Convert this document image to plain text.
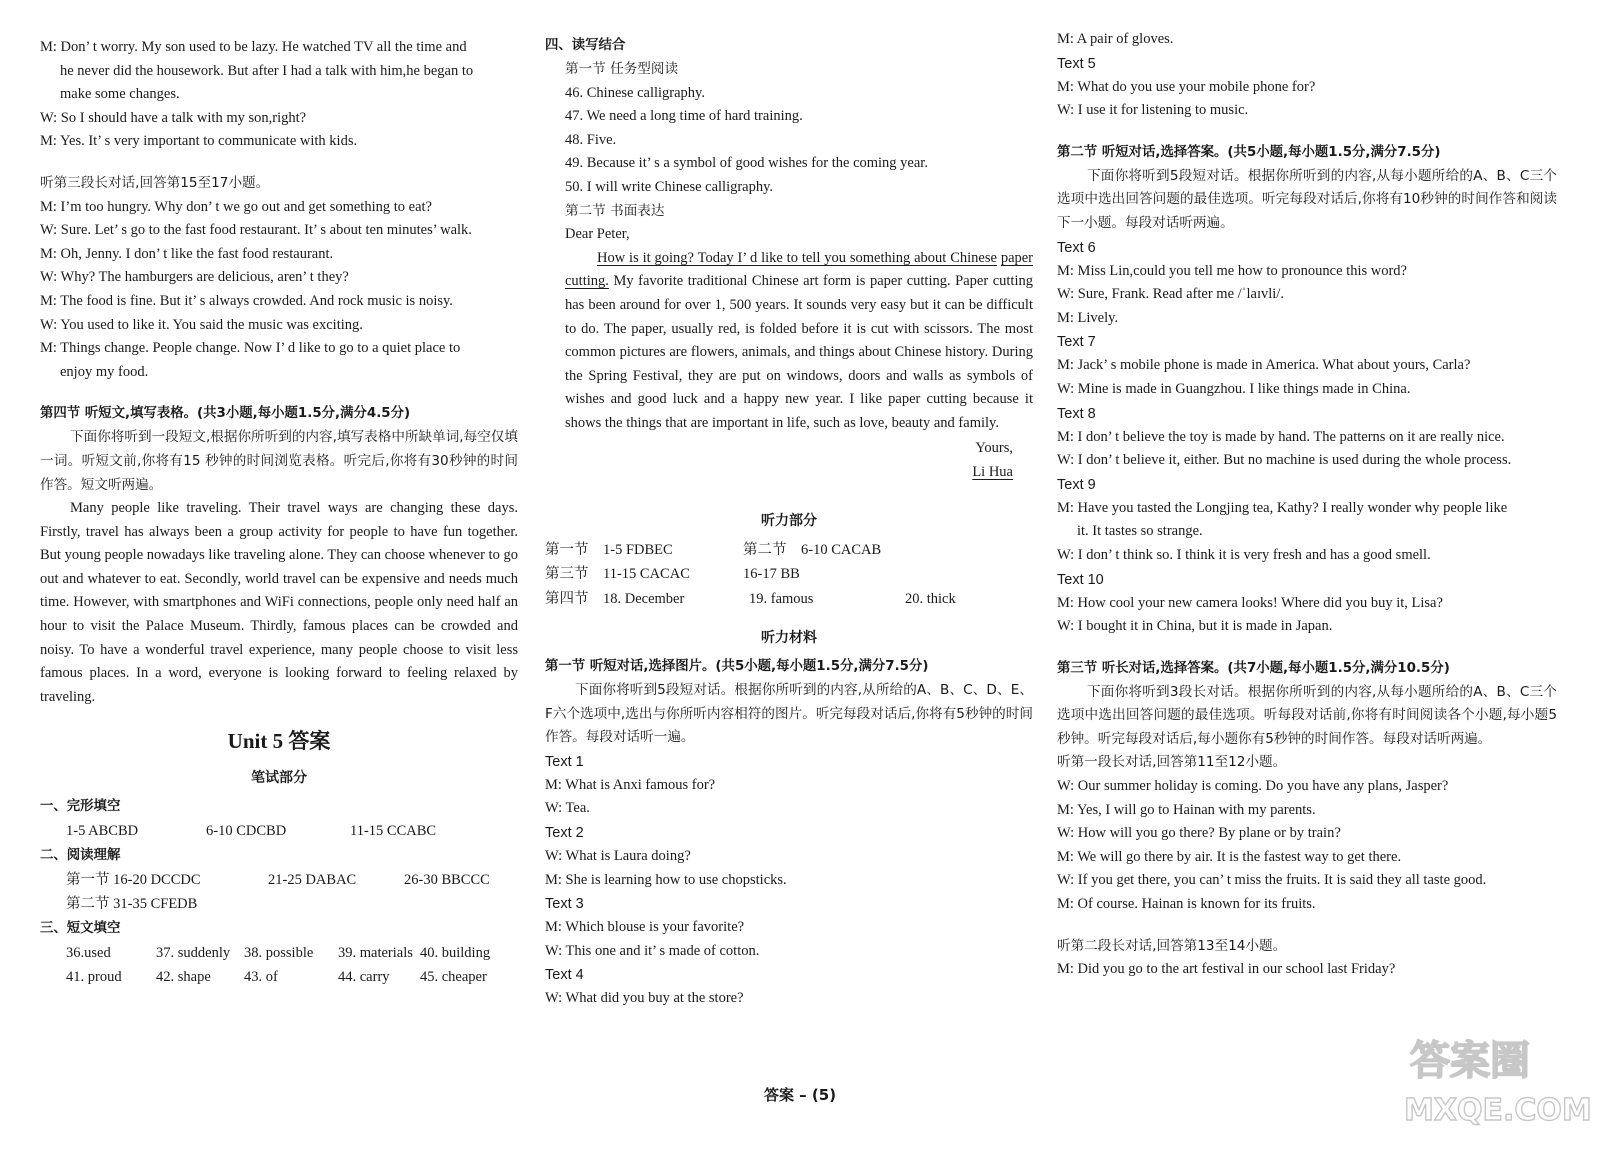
M: Don’ t worry. My son used to be lazy. He watched TV all the time and
he never did the housework. But after I had a talk with him,he began to
make some changes.
W: So I should have a talk with my son,right?
M: Yes. It’ s very important to communicate with kids.
听第三段长对话,回答第15至17小题。
M: I’m too hungry. Why don’ t we go out and get something to eat?
W: Sure. Let’ s go to the fast food restaurant. It’ s about ten minutes’ walk.
M: Oh, Jenny. I don’ t like the fast food restaurant.
W: Why? The hamburgers are delicious, aren’ t they?
M: The food is fine. But it’ s always crowded. And rock music is noisy.
W: You used to like it. You said the music was exciting.
M: Things change. People change. Now I’ d like to go to a quiet place to
enjoy my food.
第四节 听短文,填写表格。(共3小题,每小题1.5分,满分4.5分)
下面你将听到一段短文,根据你所听到的内容,填写表格中所缺单词,每空仅填一词。听短文前,你将有15 秒钟的时间浏览表格。听完后,你将有30秒钟的时间作答。短文听两遍。
Many people like traveling. Their travel ways are changing these days. Firstly, travel has always been a group activity for people to have fun together. But young people nowadays like traveling alone. They can choose whenever to go out and whatever to eat. Secondly, world travel can be expensive and needs much time. However, with smartphones and WiFi connections, people only need half an hour to visit the Palace Museum. Thirdly, famous places can be crowded and noisy. To have a wonderful travel experience, many people choose to visit less famous places. In a word, everyone is looking forward to feeling relaxed by traveling.
Unit 5 答案
笔试部分
一、完形填空
1-5 ABCBD	6-10 CDCBD	11-15 CCABC
二、阅读理解
第一节 16-20 DCCDC	21-25 DABAC	26-30 BBCCC
第二节 31-35 CFEDB
三、短文填空
36.used	37. suddenly 38. possible	39. materials 40. building
41. proud	42. shape	43. of	44. carry	45. cheaper
四、读写结合
第一节 任务型阅读
46. Chinese calligraphy.
47. We need a long time of hard training.
48. Five.
49. Because it’ s a symbol of good wishes for the coming year.
50. I will write Chinese calligraphy.
第二节 书面表达
Dear Peter,
How is it going? Today I’ d like to tell you something about Chinese paper cutting. My favorite traditional Chinese art form is paper cutting. Paper cutting has been around for over 1, 500 years. It sounds very easy but it can be difficult to do. The paper, usually red, is folded before it is cut with scissors. The most common pictures are flowers, animals, and things about Chinese history. During the Spring Festival, they are put on windows, doors and walls as symbols of wishes and good luck and a happy new year. I like paper cutting because it shows the things that are important in life, such as love, beauty and family.
Yours,
Li Hua
听力部分
第一节	1-5 FDBEC	第二节	6-10 CACAB
第三节	11-15 CACAC	16-17 BB
第四节	18. December	19. famous	20. thick
听力材料
第一节 听短对话,选择图片。(共5小题,每小题1.5分,满分7.5分)
下面你将听到5段短对话。根据你所听到的内容,从所给的A、B、C、D、E、F六个选项中,选出与你所听内容相符的图片。听完每段对话后,你将有5秒钟的时间作答。每段对话听一遍。
Text 1
M: What is Anxi famous for?
W: Tea.
Text 2
W: What is Laura doing?
M: She is learning how to use chopsticks.
Text 3
M: Which blouse is your favorite?
W: This one and it’ s made of cotton.
Text 4
W: What did you buy at the store?
M: A pair of gloves.
Text 5
M: What do you use your mobile phone for?
W: I use it for listening to music.
第二节 听短对话,选择答案。(共5小题,每小题1.5分,满分7.5分)
下面你将听到5段短对话。根据你所听到的内容,从每小题所给的A、B、C三个选项中选出回答问题的最佳选项。听完每段对话后,你将有10秒钟的时间作答和阅读下一小题。每段对话听两遍。
Text 6
M: Miss Lin,could you tell me how to pronounce this word?
W: Sure, Frank. Read after me /ˈlaɪvli/.
M: Lively.
Text 7
M: Jack’ s mobile phone is made in America. What about yours, Carla?
W: Mine is made in Guangzhou. I like things made in China.
Text 8
M: I don’ t believe the toy is made by hand. The patterns on it are really nice.
W: I don’ t believe it, either. But no machine is used during the whole process.
Text 9
M: Have you tasted the Longjing tea, Kathy? I really wonder why people like
it. It tastes so strange.
W: I don’ t think so. I think it is very fresh and has a good smell.
Text 10
M: How cool your new camera looks! Where did you buy it, Lisa?
W: I bought it in China, but it is made in Japan.
第三节 听长对话,选择答案。(共7小题,每小题1.5分,满分10.5分)
下面你将听到3段长对话。根据你所听到的内容,从每小题所给的A、B、C三个选项中选出回答问题的最佳选项。听每段对话前,你将有时间阅读各个小题,每小题5秒钟。听完每段对话后,每小题你有5秒钟的时间作答。每段对话听两遍。
听第一段长对话,回答第11至12小题。
W: Our summer holiday is coming. Do you have any plans, Jasper?
M: Yes, I will go to Hainan with my parents.
W: How will you go there? By plane or by train?
M: We will go there by air. It is the fastest way to get there.
W: If you get there, you can’ t miss the fruits. It is said they all taste good.
M: Of course. Hainan is known for its fruits.
听第二段长对话,回答第13至14小题。
M: Did you go to the art festival in our school last Friday?
答案 – (5)
答案圈
MXQE.COM
